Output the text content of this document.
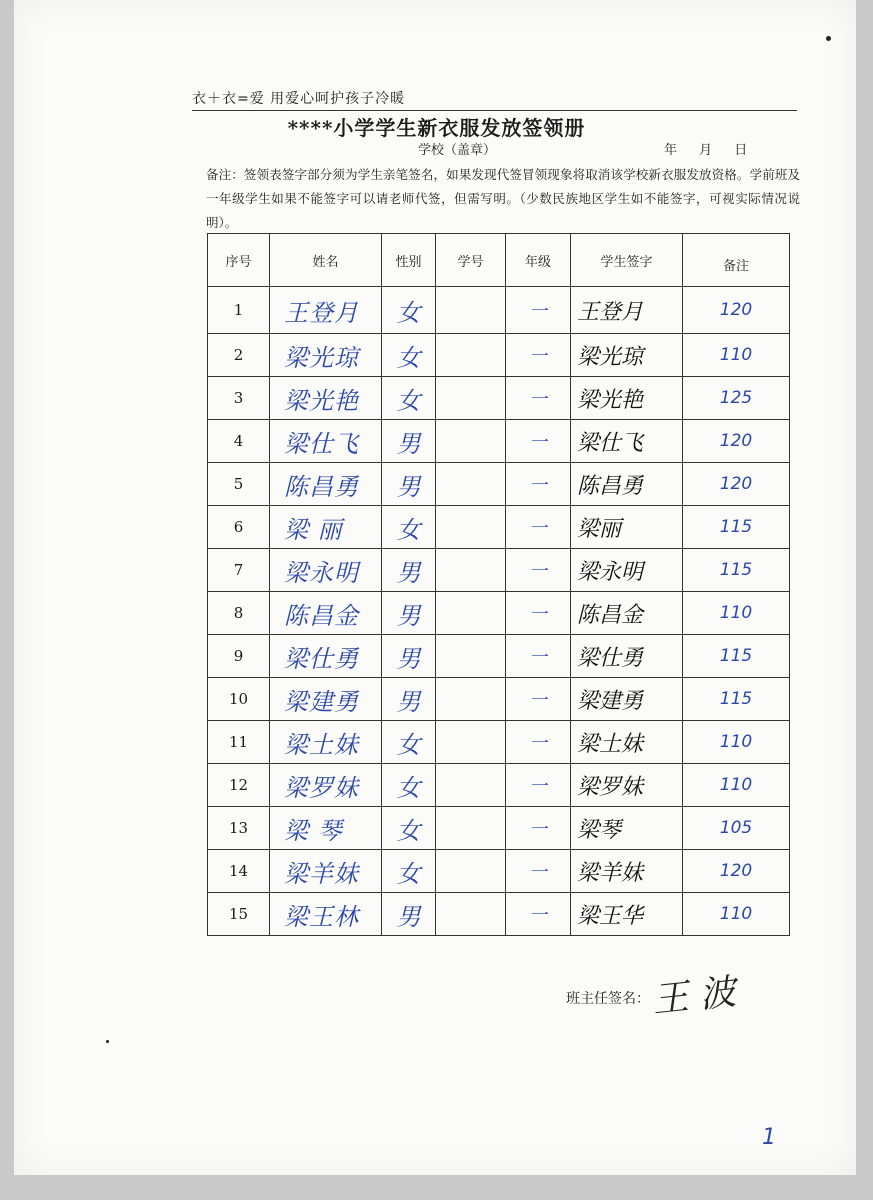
衣＋衣=爱 用爱心呵护孩子冷暖
****小学学生新衣服发放签领册
学校（盖章）	年 月 日
备注：签领表签字部分须为学生亲笔签名，如果发现代签冒领现象将取消该学校新衣服发放资格。学前班及一年级学生如果不能签字可以请老师代签，但需写明。（少数民族地区学生如不能签字，可视实际情况说明）。
序号	姓名	性别	学号	年级	学生签字	备注
1	王登月	女		一	王登月	120
2	梁光琼	女		一	梁光琼	110
3	梁光艳	女		一	梁光艳	125
4	梁仕飞	男		一	梁仕飞	120
5	陈昌勇	男		一	陈昌勇	120
6	梁 丽	女		一	梁丽	115
7	梁永明	男		一	梁永明	115
8	陈昌金	男		一	陈昌金	110
9	梁仕勇	男		一	梁仕勇	115
10	梁建勇	男		一	梁建勇	115
11	梁土妹	女		一	梁土妹	110
12	梁罗妹	女		一	梁罗妹	110
13	梁 琴	女		一	梁琴	105
14	梁羊妹	女		一	梁羊妹	120
15	梁王林	男		一	梁王华	110
班主任签名： 王 波
1
